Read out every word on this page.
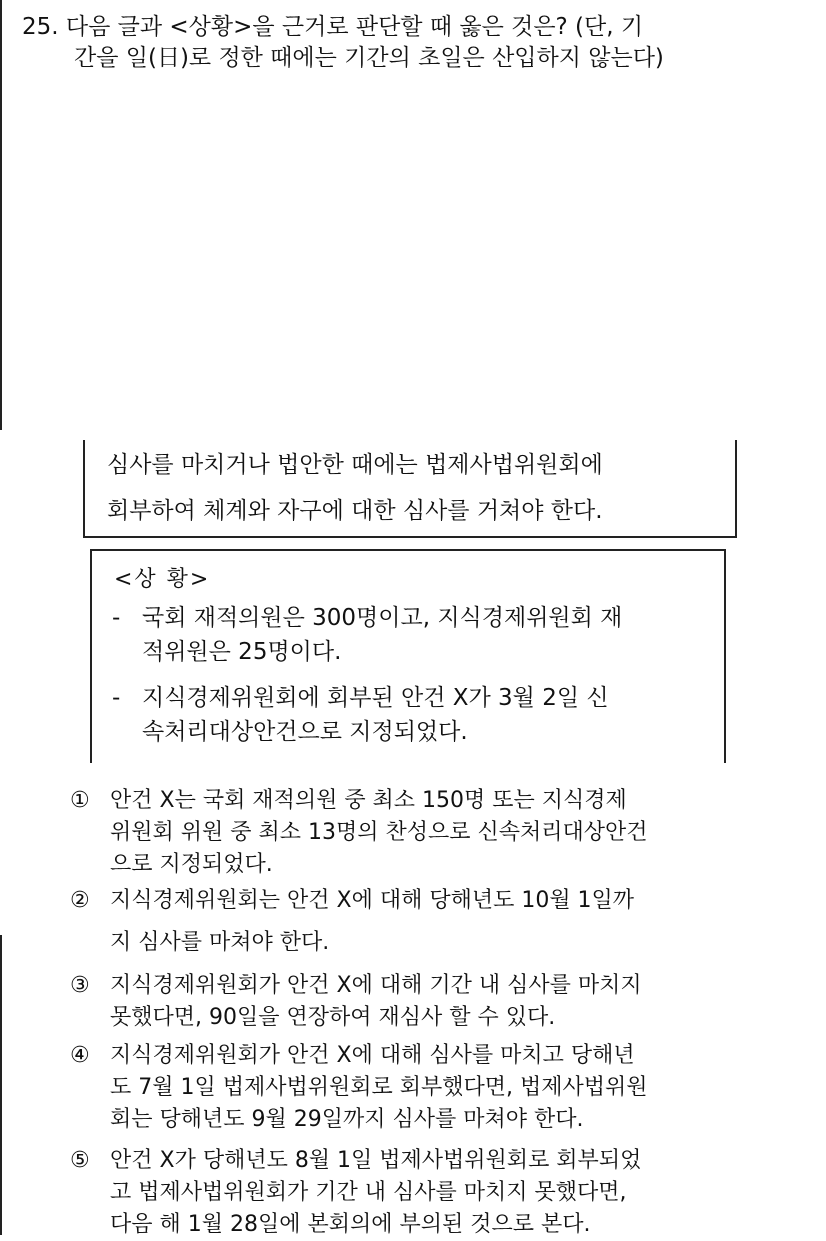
25. 다음 글과 <상황>을 근거로 판단할 때 옳은 것은? (단, 기
간을 일(日)로 정한 때에는 기간의 초일은 산입하지 않는다)
심사를 마치거나 법안한 때에는 법제사법위원회에
회부하여 체계와 자구에 대한 심사를 거쳐야 한다.
<상 황>
- 국회 재적의원은 300명이고, 지식경제위원회 재
적위원은 25명이다.
- 지식경제위원회에 회부된 안건 X가 3월 2일 신
속처리대상안건으로 지정되었다.
① 안건 X는 국회 재적의원 중 최소 150명 또는 지식경제
위원회 위원 중 최소 13명의 찬성으로 신속처리대상안건
으로 지정되었다.
② 지식경제위원회는 안건 X에 대해 당해년도 10월 1일까
지 심사를 마쳐야 한다.
③ 지식경제위원회가 안건 X에 대해 기간 내 심사를 마치지
못했다면, 90일을 연장하여 재심사 할 수 있다.
④ 지식경제위원회가 안건 X에 대해 심사를 마치고 당해년
도 7월 1일 법제사법위원회로 회부했다면, 법제사법위원
회는 당해년도 9월 29일까지 심사를 마쳐야 한다.
⑤ 안건 X가 당해년도 8월 1일 법제사법위원회로 회부되었
고 법제사법위원회가 기간 내 심사를 마치지 못했다면,
다음 해 1월 28일에 본회의에 부의된 것으로 본다.
